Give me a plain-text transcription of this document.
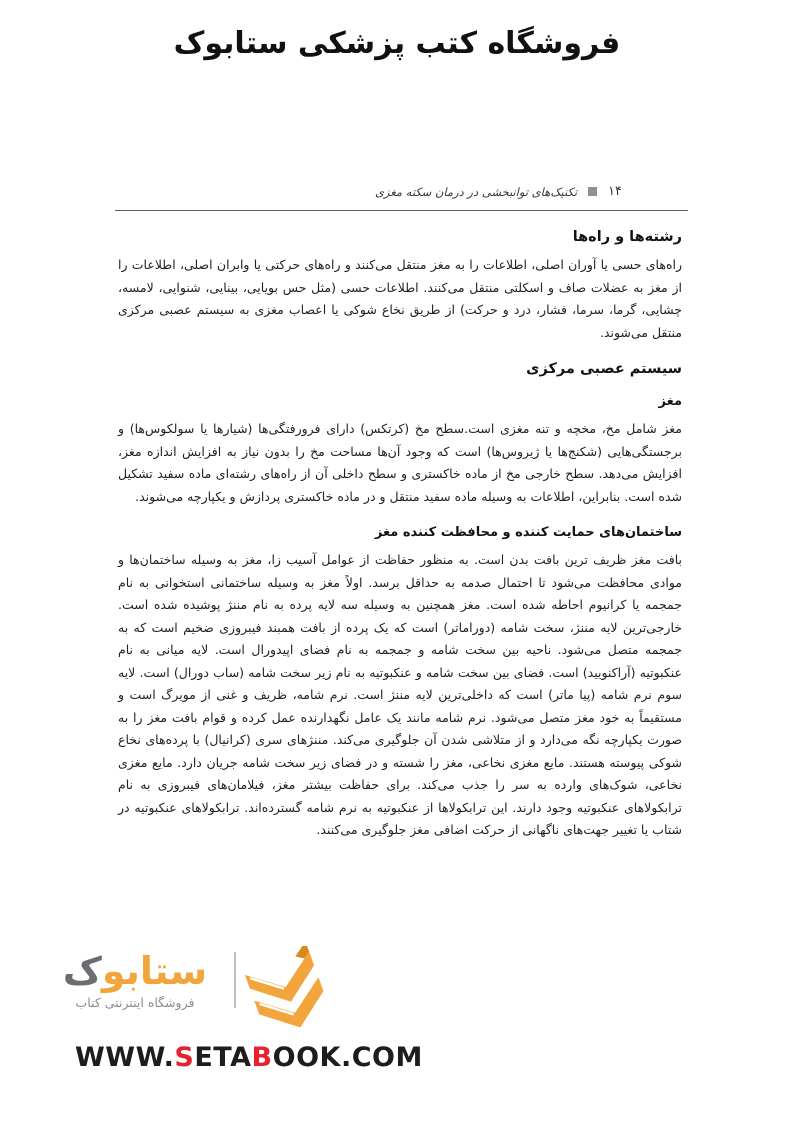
فروشگاه کتب پزشکی ستابوک
۱۴
تکنیک‌های توانبخشی در درمان سکته مغزی
رشته‌ها و راه‌ها

راه‌های حسی یا آوران اصلی، اطلاعات را به مغز منتقل می‌کنند و راه‌های حرکتی یا وابران اصلی، اطلاعات را از مغز به عضلات صاف و اسکلتی منتقل می‌کنند. اطلاعات حسی (مثل حس بویایی، بینایی، شنوایی، لامسه، چشایی، گرما، سرما، فشار، درد و حرکت) از طریق نخاع شوکی یا اعصاب مغزی به سیستم عصبی مرکزی منتقل می‌شوند.

سیستم عصبی مرکزی
مغز

مغز شامل مخ، مخچه و تنه مغزی است.سطح مخ (کرتکس) دارای فرورفتگی‌ها (شیارها یا سولکوس‌ها) و برجستگی‌هایی (شکنج‌ها یا ژیروس‌ها) است که وجود آن‌ها مساحت مخ را بدون نیاز به افزایش اندازه مغز، افزایش می‌دهد. سطح خارجی مخ از ماده خاکستری و سطح داخلی آن از راه‌های رشته‌ای ماده سفید تشکیل شده است. بنابراین، اطلاعات به وسیله ماده سفید منتقل و در ماده خاکستری پردازش و یکپارچه می‌شوند.

ساختمان‌های حمایت کننده و محافظت کننده مغز

بافت مغز ظریف ترین بافت بدن است. به منظور حفاظت از عوامل آسیب زا، مغز به وسیله ساختمان‌ها و موادی محافظت می‌شود تا احتمال صدمه به حداقل برسد. اولاً مغز به وسیله ساختمانی استخوانی به نام جمجمه یا کرانیوم احاطه شده است. مغز همچنین به وسیله سه لایه پرده به نام مننژ پوشیده شده است. خارجی‌ترین لایه مننژ، سخت شامه (دوراماتر) است که یک پرده از بافت همبند فیبروزی ضخیم است که به جمجمه متصل می‌شود. ناحیه بین سخت شامه و جمجمه به نام فضای اپیدورال است. لایه میانی به نام عنکبوتیه (آراکنویید) است. فضای بین سخت شامه و عنکبوتیه به نام زیر سخت شامه (ساب دورال) است. لایه سوم نرم شامه (پیا ماتر) است که داخلی‌ترین لایه مننژ است. نرم شامه، ظریف و غنی از مویرگ است و مستقیماً به خود مغز متصل می‌شود. نرم شامه مانند یک عامل نگهدارنده عمل کرده و قوام بافت مغز را به صورت یکپارچه نگه می‌دارد و از متلاشی شدن آن جلوگیری می‌کند. مننژهای سری (کرانیال) با پرده‌های نخاع شوکی پیوسته هستند. مایع مغزی نخاعی، مغز را شسته و در فضای زیر سخت شامه جریان دارد. مایع مغزی نخاعی، شوک‌های وارده به سر را جذب می‌کند. برای حفاظت بیشتر مغز، فیلامان‌های فیبروزی به نام ترابکولاهای عنکبوتیه وجود دارند. این ترابکولاها از عنکبوتیه به نرم شامه گسترده‌اند. ترابکولاهای عنکبوتیه در شتاب یا تغییر جهت‌های ناگهانی از حرکت اضافی مغز جلوگیری می‌کنند.

ستابوک
فروشگاه اینترنتی کتاب
WWW.SETABOOK.COM
